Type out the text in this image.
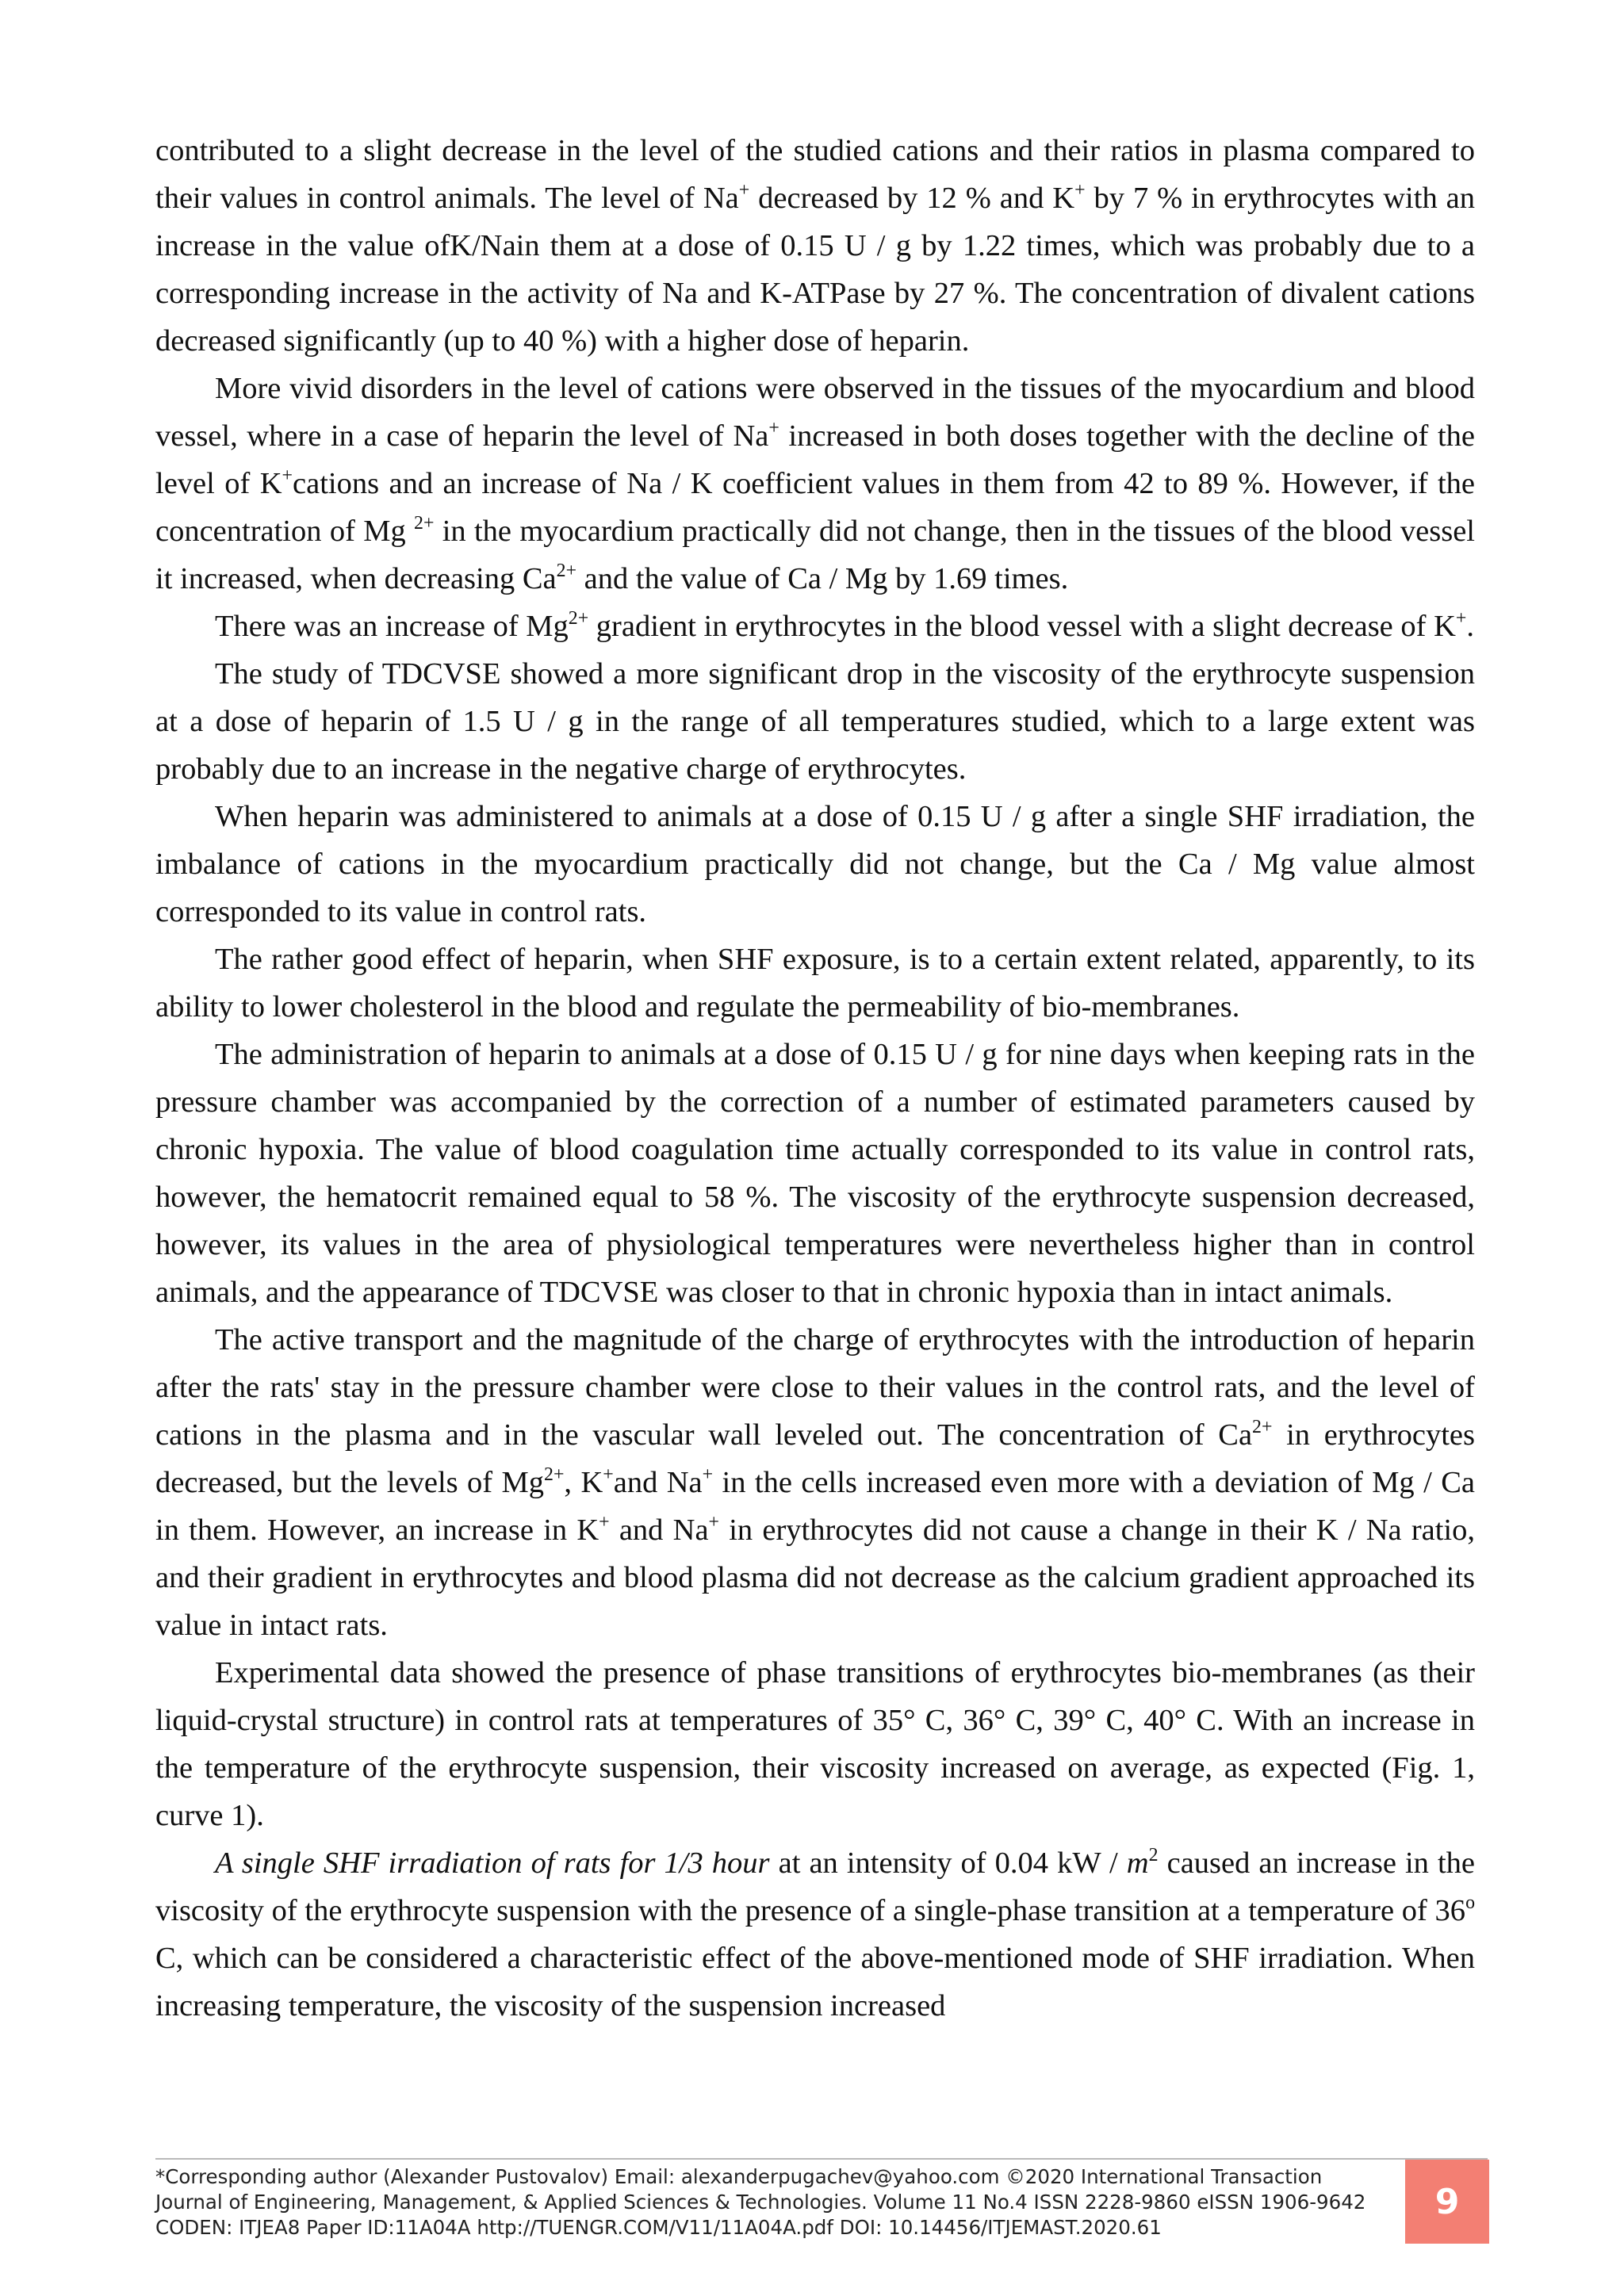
contributed to a slight decrease in the level of the studied cations and their ratios in plasma compared to their values in control animals. The level of Na+ decreased by 12 % and K+ by 7 % in erythrocytes with an increase in the value ofK/Nain them at a dose of 0.15 U / g by 1.22 times, which was probably due to a corresponding increase in the activity of Na and K-ATPase by 27 %. The concentration of divalent cations decreased significantly (up to 40 %) with a higher dose of heparin.

More vivid disorders in the level of cations were observed in the tissues of the myocardium and blood vessel, where in a case of heparin the level of Na+ increased in both doses together with the decline of the level of K+cations and an increase of Na / K coefficient values in them from 42 to 89 %. However, if the concentration of Mg $^{2+}$ in the myocardium practically did not change, then in the tissues of the blood vessel it increased, when decreasing $Ca^{2+}$ and the value of Ca / Mg by 1.69 times.

There was an increase of $Mg^{2+}$ gradient in erythrocytes in the blood vessel with a slight decrease of K+.

The study of TDCVSE showed a more significant drop in the viscosity of the erythrocyte suspension at a dose of heparin of 1.5 U / g in the range of all temperatures studied, which to a large extent was probably due to an increase in the negative charge of erythrocytes.

When heparin was administered to animals at a dose of 0.15 U / g after a single SHF irradiation, the imbalance of cations in the myocardium practically did not change, but the Ca / Mg value almost corresponded to its value in control rats.

The rather good effect of heparin, when SHF exposure, is to a certain extent related, apparently, to its ability to lower cholesterol in the blood and regulate the permeability of bio-membranes.

The administration of heparin to animals at a dose of 0.15 U / g for nine days when keeping rats in the pressure chamber was accompanied by the correction of a number of estimated parameters caused by chronic hypoxia. The value of blood coagulation time actually corresponded to its value in control rats, however, the hematocrit remained equal to 58 %. The viscosity of the erythrocyte suspension decreased, however, its values in the area of physiological temperatures were nevertheless higher than in control animals, and the appearance of TDCVSE was closer to that in chronic hypoxia than in intact animals.

The active transport and the magnitude of the charge of erythrocytes with the introduction of heparin after the rats' stay in the pressure chamber were close to their values in the control rats, and the level of cations in the plasma and in the vascular wall leveled out. The concentration of $Ca^{2+}$ in erythrocytes decreased, but the levels of $Mg^{2+}$, K+and Na+ in the cells increased even more with a deviation of Mg / Ca in them. However, an increase in K+ and Na+ in erythrocytes did not cause a change in their K / Na ratio, and their gradient in erythrocytes and blood plasma did not decrease as the calcium gradient approached its value in intact rats.

Experimental data showed the presence of phase transitions of erythrocytes bio-membranes (as their liquid-crystal structure) in control rats at temperatures of 35° C, 36° C, 39° C, 40° C. With an increase in the temperature of the erythrocyte suspension, their viscosity increased on average, as expected (Fig. 1, curve 1).

A single SHF irradiation of rats for 1/3 hour at an intensity of 0.04 kW / $m^2$ caused an increase in the viscosity of the erythrocyte suspension with the presence of a single-phase transition at a temperature of 36$^o$ C, which can be considered a characteristic effect of the above-mentioned mode of SHF irradiation. When increasing temperature, the viscosity of the suspension increased

*Corresponding author (Alexander Pustovalov) Email: alexanderpugachev@yahoo.com ©2020 International Transaction
Journal of Engineering, Management, & Applied Sciences & Technologies. Volume 11 No.4 ISSN 2228-9860 eISSN 1906-9642
CODEN: ITJEA8 Paper ID:11A04A http://TUENGR.COM/V11/11A04A.pdf DOI: 10.14456/ITJEMAST.2020.61
9
